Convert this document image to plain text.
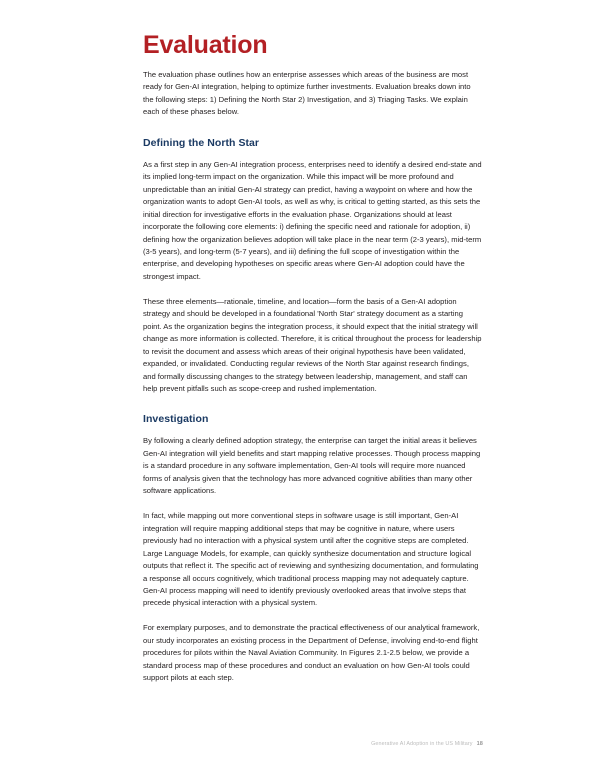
Evaluation

The evaluation phase outlines how an enterprise assesses which areas of the business are most ready for Gen-AI integration, helping to optimize further investments. Evaluation breaks down into the following steps: 1) Defining the North Star 2) Investigation, and 3) Triaging Tasks. We explain each of these phases below.

Defining the North Star

As a first step in any Gen-AI integration process, enterprises need to identify a desired end-state and its implied long-term impact on the organization. While this impact will be more profound and unpredictable than an initial Gen-AI strategy can predict, having a waypoint on where and how the organization wants to adopt Gen-AI tools, as well as why, is critical to getting started, as this sets the initial direction for investigative efforts in the evaluation phase. Organizations should at least incorporate the following core elements: i) defining the specific need and rationale for adoption, ii) defining how the organization believes adoption will take place in the near term (2-3 years), mid-term (3-5 years), and long-term (5-7 years), and iii) defining the full scope of investigation within the enterprise, and developing hypotheses on specific areas where Gen-AI adoption could have the strongest impact.

These three elements—rationale, timeline, and location—form the basis of a Gen-AI adoption strategy and should be developed in a foundational 'North Star' strategy document as a starting point. As the organization begins the integration process, it should expect that the initial strategy will change as more information is collected. Therefore, it is critical throughout the process for leadership to revisit the document and assess which areas of their original hypothesis have been validated, expanded, or invalidated. Conducting regular reviews of the North Star against research findings, and formally discussing changes to the strategy between leadership, management, and staff can help prevent pitfalls such as scope-creep and rushed implementation.

Investigation

By following a clearly defined adoption strategy, the enterprise can target the initial areas it believes Gen-AI integration will yield benefits and start mapping relative processes. Though process mapping is a standard procedure in any software implementation, Gen-AI tools will require more nuanced forms of analysis given that the technology has more advanced cognitive abilities than many other software applications.

In fact, while mapping out more conventional steps in software usage is still important, Gen-AI integration will require mapping additional steps that may be cognitive in nature, where users previously had no interaction with a physical system until after the cognitive steps are completed. Large Language Models, for example, can quickly synthesize documentation and structure logical outputs that reflect it. The specific act of reviewing and synthesizing documentation, and formulating a response all occurs cognitively, which traditional process mapping may not adequately capture. Gen-AI process mapping will need to identify previously overlooked areas that involve steps that precede physical interaction with a physical system.

For exemplary purposes, and to demonstrate the practical effectiveness of our analytical framework, our study incorporates an existing process in the Department of Defense, involving end-to-end flight procedures for pilots within the Naval Aviation Community. In Figures 2.1-2.5 below, we provide a standard process map of these procedures and conduct an evaluation on how Gen-AI tools could support pilots at each step.

Generative AI Adoption in the US Military 18
